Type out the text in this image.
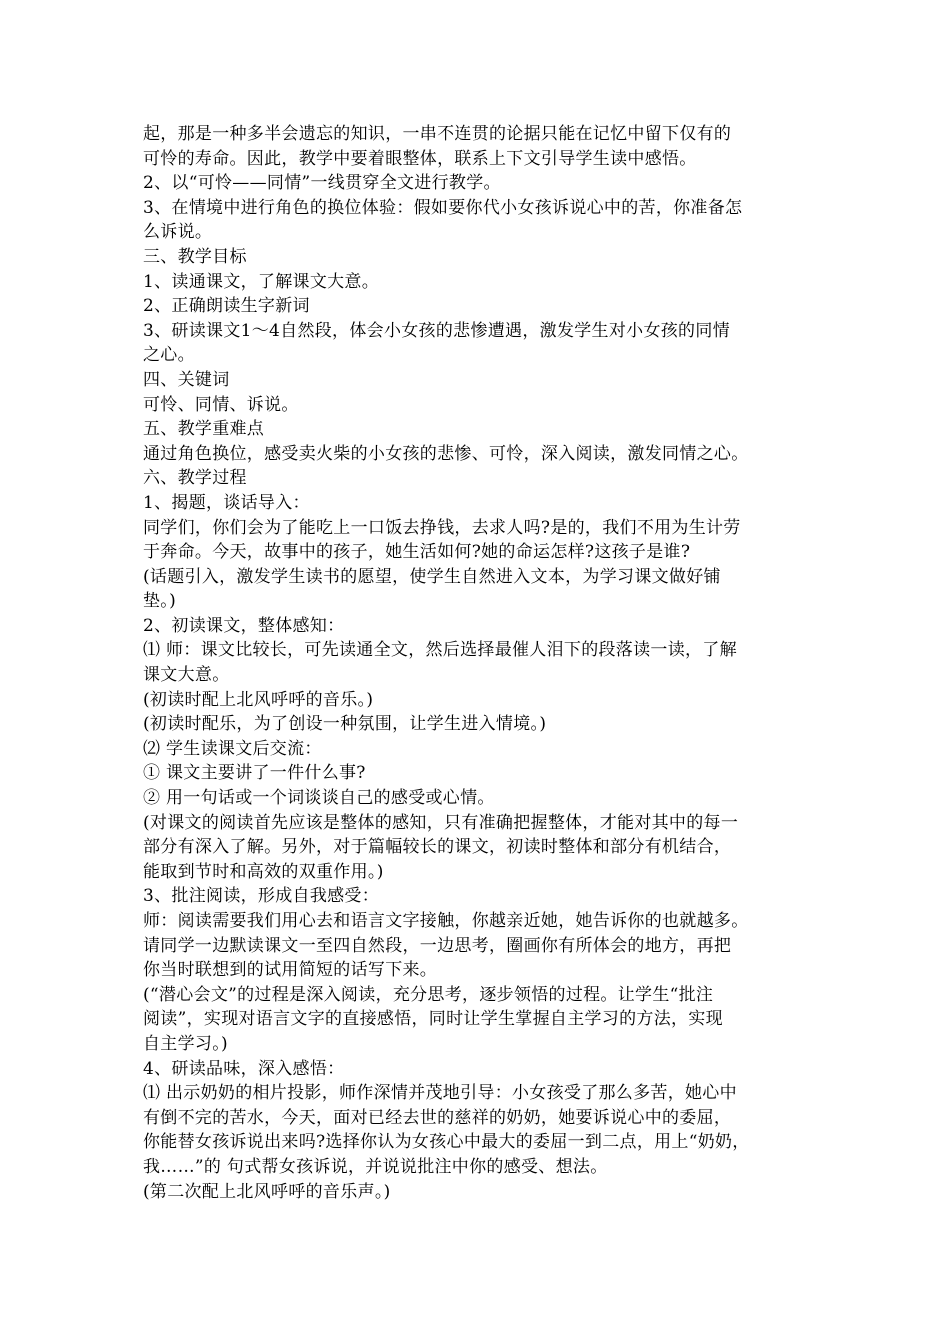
起，那是一种多半会遗忘的知识，一串不连贯的论据只能在记忆中留下仅有的
可怜的寿命。因此，教学中要着眼整体，联系上下文引导学生读中感悟。
2、以“可怜——同情”一线贯穿全文进行教学。
3、在情境中进行角色的换位体验：假如要你代小女孩诉说心中的苦，你准备怎
么诉说。
三、教学目标
1、读通课文，了解课文大意。
2、正确朗读生字新词
3、研读课文1～4自然段，体会小女孩的悲惨遭遇，激发学生对小女孩的同情
之心。
四、关键词
可怜、同情、诉说。
五、教学重难点
通过角色换位，感受卖火柴的小女孩的悲惨、可怜，深入阅读，激发同情之心。
六、教学过程
1、揭题，谈话导入：
同学们，你们会为了能吃上一口饭去挣钱，去求人吗?是的，我们不用为生计劳
于奔命。今天，故事中的孩子，她生活如何?她的命运怎样?这孩子是谁?
(话题引入，激发学生读书的愿望，使学生自然进入文本，为学习课文做好铺
垫。)
2、初读课文，整体感知：
⑴ 师：课文比较长，可先读通全文，然后选择最催人泪下的段落读一读，了解
课文大意。
(初读时配上北风呼呼的音乐。)
(初读时配乐，为了创设一种氛围，让学生进入情境。)
⑵ 学生读课文后交流：
① 课文主要讲了一件什么事?
② 用一句话或一个词谈谈自己的感受或心情。
(对课文的阅读首先应该是整体的感知，只有准确把握整体，才能对其中的每一
部分有深入了解。另外，对于篇幅较长的课文，初读时整体和部分有机结合，
能取到节时和高效的双重作用。)
3、批注阅读，形成自我感受：
师：阅读需要我们用心去和语言文字接触，你越亲近她，她告诉你的也就越多。
请同学一边默读课文一至四自然段，一边思考，圈画你有所体会的地方，再把
你当时联想到的试用简短的话写下来。
(“潜心会文”的过程是深入阅读，充分思考，逐步领悟的过程。让学生“批注
阅读”，实现对语言文字的直接感悟，同时让学生掌握自主学习的方法，实现
自主学习。)
4、研读品味，深入感悟：
⑴ 出示奶奶的相片投影，师作深情并茂地引导：小女孩受了那么多苦，她心中
有倒不完的苦水，今天，面对已经去世的慈祥的奶奶，她要诉说心中的委屈，
你能替女孩诉说出来吗?选择你认为女孩心中最大的委屈一到二点，用上“奶奶，
我……”的 句式帮女孩诉说，并说说批注中你的感受、想法。
(第二次配上北风呼呼的音乐声。)
